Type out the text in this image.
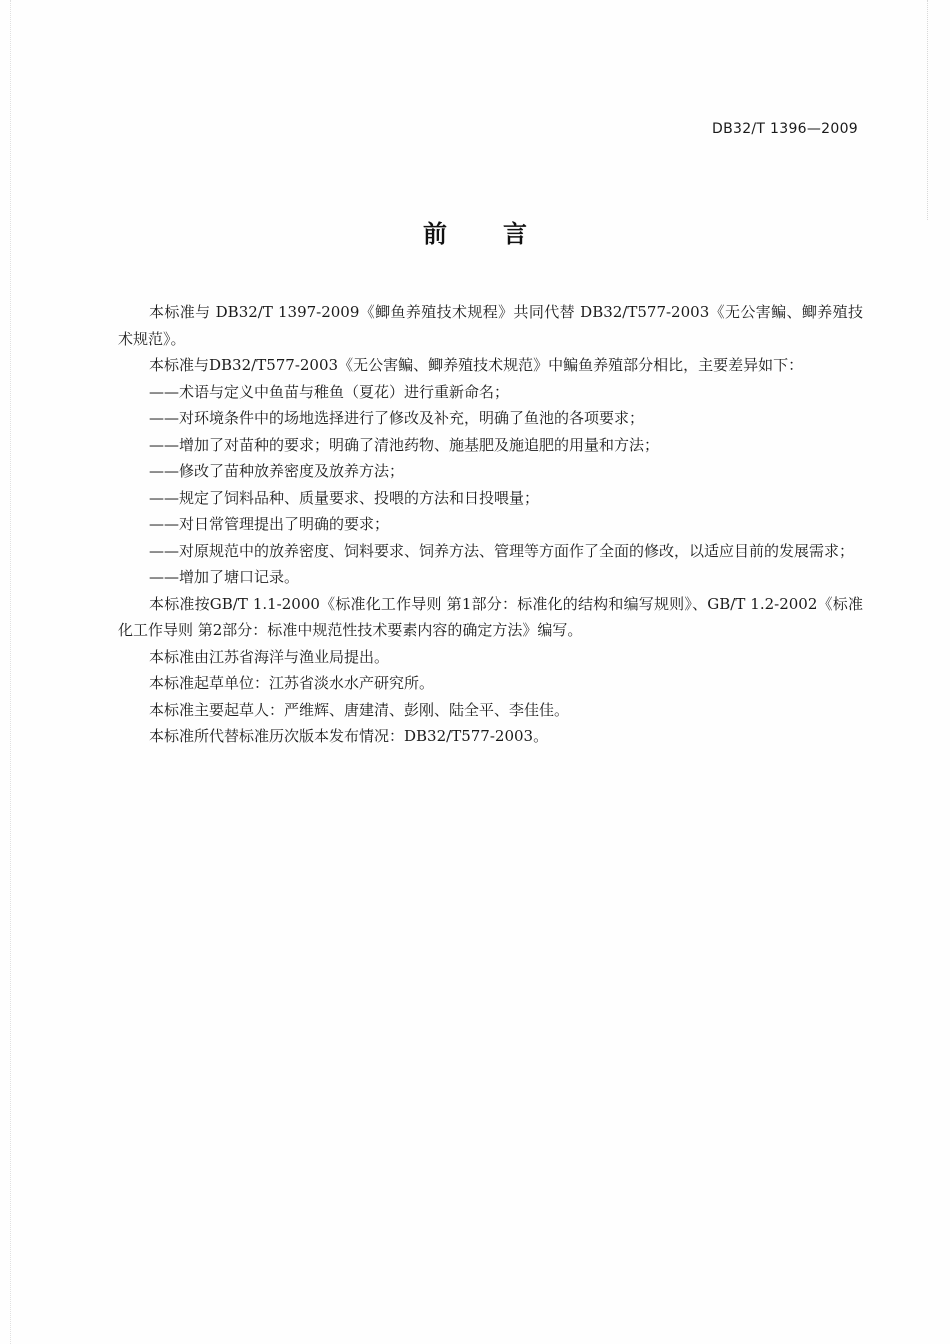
DB32/T 1396—2009
前言

本标准与 DB32/T 1397-2009《鲫鱼养殖技术规程》共同代替 DB32/T577-2003《无公害鳊、鲫养殖技术规范》。

本标准与DB32/T577-2003《无公害鳊、鲫养殖技术规范》中鳊鱼养殖部分相比，主要差异如下：

——术语与定义中鱼苗与稚鱼（夏花）进行重新命名；

——对环境条件中的场地选择进行了修改及补充，明确了鱼池的各项要求；

——增加了对苗种的要求；明确了清池药物、施基肥及施追肥的用量和方法；

——修改了苗种放养密度及放养方法；

——规定了饲料品种、质量要求、投喂的方法和日投喂量；

——对日常管理提出了明确的要求；

——对原规范中的放养密度、饲料要求、饲养方法、管理等方面作了全面的修改，以适应目前的发展需求；

——增加了塘口记录。

本标准按GB/T 1.1-2000《标准化工作导则 第1部分：标准化的结构和编写规则》、GB/T 1.2-2002《标准化工作导则 第2部分：标准中规范性技术要素内容的确定方法》编写。

本标准由江苏省海洋与渔业局提出。

本标准起草单位：江苏省淡水水产研究所。

本标准主要起草人：严维辉、唐建清、彭刚、陆全平、李佳佳。

本标准所代替标准历次版本发布情况：DB32/T577-2003。
